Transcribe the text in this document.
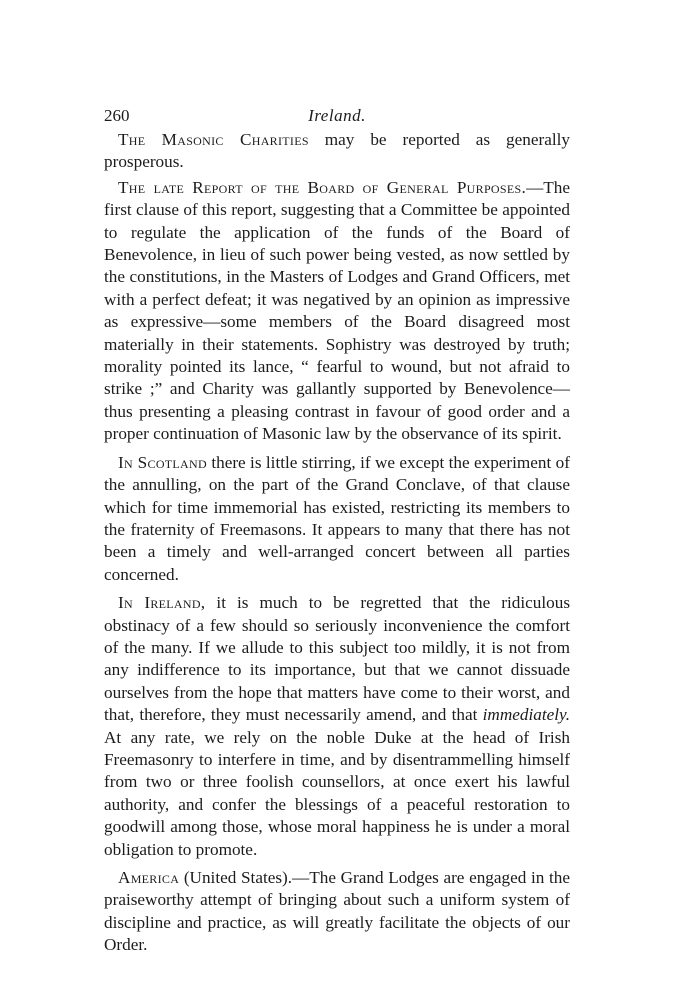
260	Ireland.

The Masonic Charities may be reported as generally prosperous.

The late Report of the Board of General Purposes.—The first clause of this report, suggesting that a Committee be appointed to regulate the application of the funds of the Board of Benevolence, in lieu of such power being vested, as now settled by the constitutions, in the Masters of Lodges and Grand Officers, met with a perfect defeat; it was negatived by an opinion as impressive as expressive—some members of the Board disagreed most materially in their statements. Sophistry was destroyed by truth; morality pointed its lance, “ fearful to wound, but not afraid to strike ;” and Charity was gallantly supported by Benevolence—thus presenting a pleasing contrast in favour of good order and a proper continuation of Masonic law by the observance of its spirit.

In Scotland there is little stirring, if we except the experiment of the annulling, on the part of the Grand Conclave, of that clause which for time immemorial has existed, restricting its members to the fraternity of Freemasons. It appears to many that there has not been a timely and well-arranged concert between all parties concerned.

In Ireland, it is much to be regretted that the ridiculous obstinacy of a few should so seriously inconvenience the comfort of the many. If we allude to this subject too mildly, it is not from any indifference to its importance, but that we cannot dissuade ourselves from the hope that matters have come to their worst, and that, therefore, they must necessarily amend, and that immediately. At any rate, we rely on the noble Duke at the head of Irish Freemasonry to interfere in time, and by disentrammelling himself from two or three foolish counsellors, at once exert his lawful authority, and confer the blessings of a peaceful restoration to goodwill among those, whose moral happiness he is under a moral obligation to promote.

America (United States).—The Grand Lodges are engaged in the praiseworthy attempt of bringing about such a uniform system of discipline and practice, as will greatly facilitate the objects of our Order.
